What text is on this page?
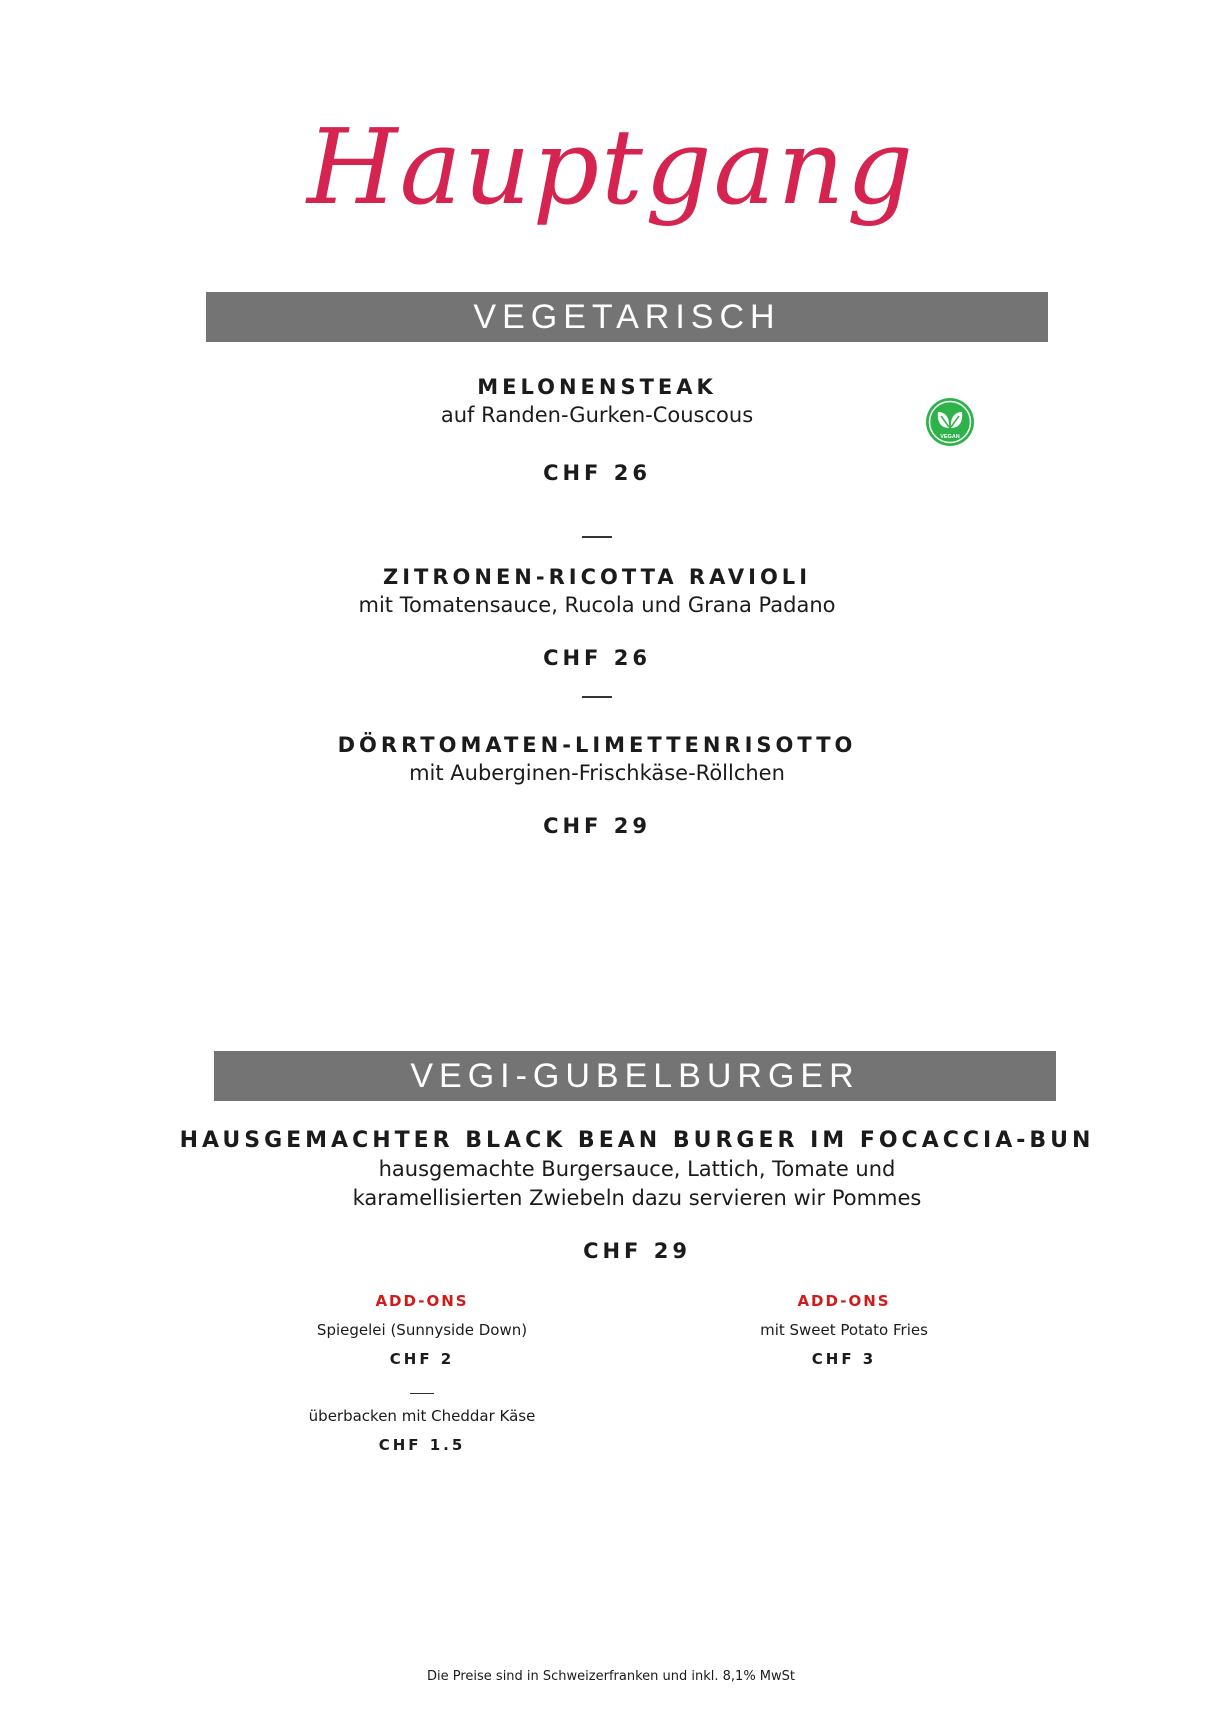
Hauptgang
VEGETARISCH
MELONENSTEAK
auf Randen-Gurken-Couscous
CHF 26
VEGAN
ZITRONEN-RICOTTA RAVIOLI
mit Tomatensauce, Rucola und Grana Padano
CHF 26
DÖRRTOMATEN-LIMETTENRISOTTO
mit Auberginen-Frischkäse-Röllchen
CHF 29
VEGI-GUBELBURGER
HAUSGEMACHTER BLACK BEAN BURGER IM FOCACCIA-BUN
hausgemachte Burgersauce, Lattich, Tomate und
karamellisierten Zwiebeln dazu servieren wir Pommes
CHF 29
ADD-ONS
Spiegelei (Sunnyside Down)
CHF 2
überbacken mit Cheddar Käse
CHF 1.5
ADD-ONS
mit Sweet Potato Fries
CHF 3
Die Preise sind in Schweizerfranken und inkl. 8,1% MwSt
